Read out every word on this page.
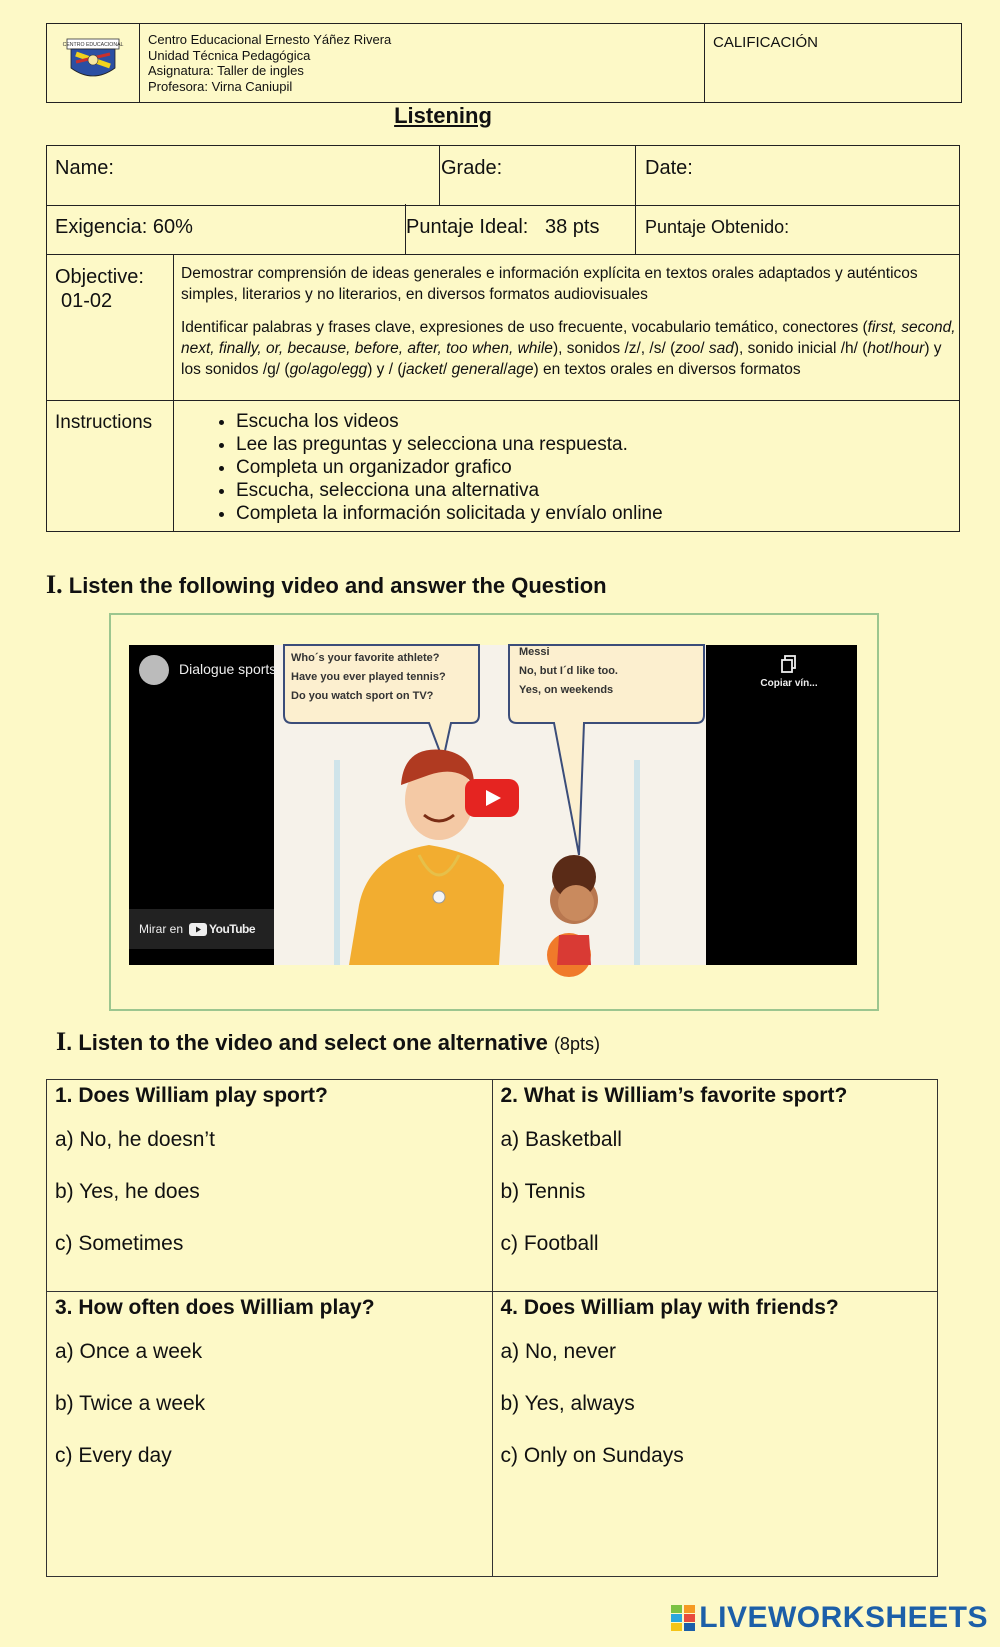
CENTRO EDUCACIONAL	Centro Educacional Ernesto Yáñez Rivera
Unidad Técnica Pedagógica
Asignatura: Taller de ingles
Profesora: Virna Caniupil
	CALIFICACIÓN
Listening
Name:	Grade:	Date:
Exigencia: 60%	Puntaje Ideal:   38 pts	Puntaje Obtenido:
Objective:
01-02
Demostrar comprensión de ideas generales e información explícita en textos orales adaptados y auténticos simples, literarios y no literarios, en diversos formatos audiovisuales
Identificar palabras y frases clave, expresiones de uso frecuente, vocabulario temático, conectores (first, second, next, finally, or, because, before, after, too when, while), sonidos /z/, /s/ (zoo/ sad), sonido inicial /h/ (hot/hour) y los sonidos /g/ (go/ago/egg) y / (jacket/ general/age) en textos orales en diversos formatos
Instructions
•	Escucha los videos
• Lee las preguntas y selecciona una respuesta.
• Completa un organizador grafico
• Escucha, selecciona una alternativa
• Completa la información solicitada y envíalo online
I. Listen the following video and answer the Question
Who´s your favorite athlete?
Have you ever played tennis?
Do you watch sport on TV?
Messi
No, but I´d like too.
Yes, on weekends
Dialogue sports
Copiar vín...
Mirar en YouTube
I. Listen to the video and select one alternative (8pts)

1. Does William play sport?

a) No, he doesn’t

b) Yes, he does

c) Sometimes

2. What is William’s favorite sport?

a) Basketball

b) Tennis

c) Football

3. How often does William play?

a) Once a week

b) Twice a week

c) Every day

4. Does William play with friends?

a) No, never

b) Yes, always

c) Only on Sundays

LIVEWORKSHEETS
